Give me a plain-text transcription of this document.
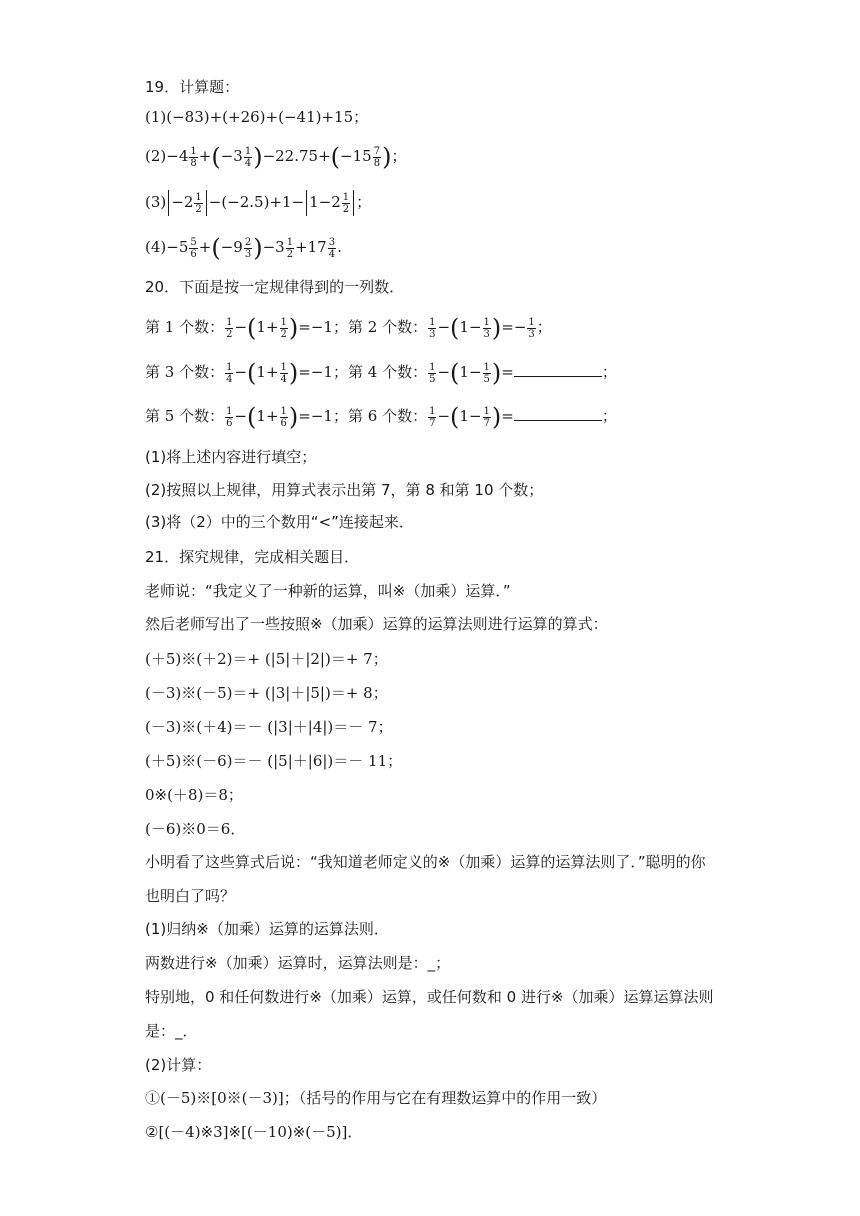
19．计算题：
(1)(−83)+(+26)+(−41)+15；
$(2)-4 \frac{1}{8} +(-3 \frac{1}{4} )-22.75+(-15 \frac{7}{8}$ )；
$(3) -2 \frac{1}{2} -(-2.5)+1- 1-2 \frac{1}{2}$ ；
$(4)-5 \frac{5}{6} +(-9 \frac{2}{3} )-3 \frac{1}{2} +17 \frac{3}{4}$ .
20．下面是按一定规律得到的一列数．
第 1 个数： $\frac{1}{2} -(1+ \frac{1}{2} )=-1$；第 2 个数： $\frac{1}{3} -(1- \frac{1}{3}$ )=− $\frac{1}{3}$ ；
第 3 个数： $\frac{1}{4} -(1+ \frac{1}{4} )=-1$；第 4 个数： $\frac{1}{5} -(1- \frac{1}{5}$ )=	；
第 5 个数： $\frac{1}{6} -(1+ \frac{1}{6} )=-1$；第 6 个数： $\frac{1}{7} -(1- \frac{1}{7}$ )=	；
(1)将上述内容进行填空；
(2)按照以上规律，用算式表示出第 7，第 8 和第 10 个数；
(3)将（2）中的三个数用“<”连接起来．
21．探究规律，完成相关题目．
老师说：“我定义了一种新的运算，叫※（加乘）运算．”
然后老师写出了一些按照※（加乘）运算的运算法则进行运算的算式：
(＋5)※(＋2)＝+ (|5|＋|2|)＝+ 7；
(－3)※(－5)＝+ (|3|＋|5|)＝+ 8；
(－3)※(＋4)＝－ (|3|＋|4|)＝－ 7；
(＋5)※(－6)＝－ (|5|＋|6|)＝－ 11；
0※(＋8)＝8；
(－6)※0＝6．
小明看了这些算式后说：“我知道老师定义的※（加乘）运算的运算法则了．”聪明的你
也明白了吗？
(1)归纳※（加乘）运算的运算法则．
两数进行※（加乘）运算时，运算法则是：_；
特别地，0 和任何数进行※（加乘）运算，或任何数和 0 进行※（加乘）运算运算法则
是：_．
(2)计算：
①(－5)※[0※(－3)]；（括号的作用与它在有理数运算中的作用一致）
②[(－4)※3]※[(－10)※(－5)]．
